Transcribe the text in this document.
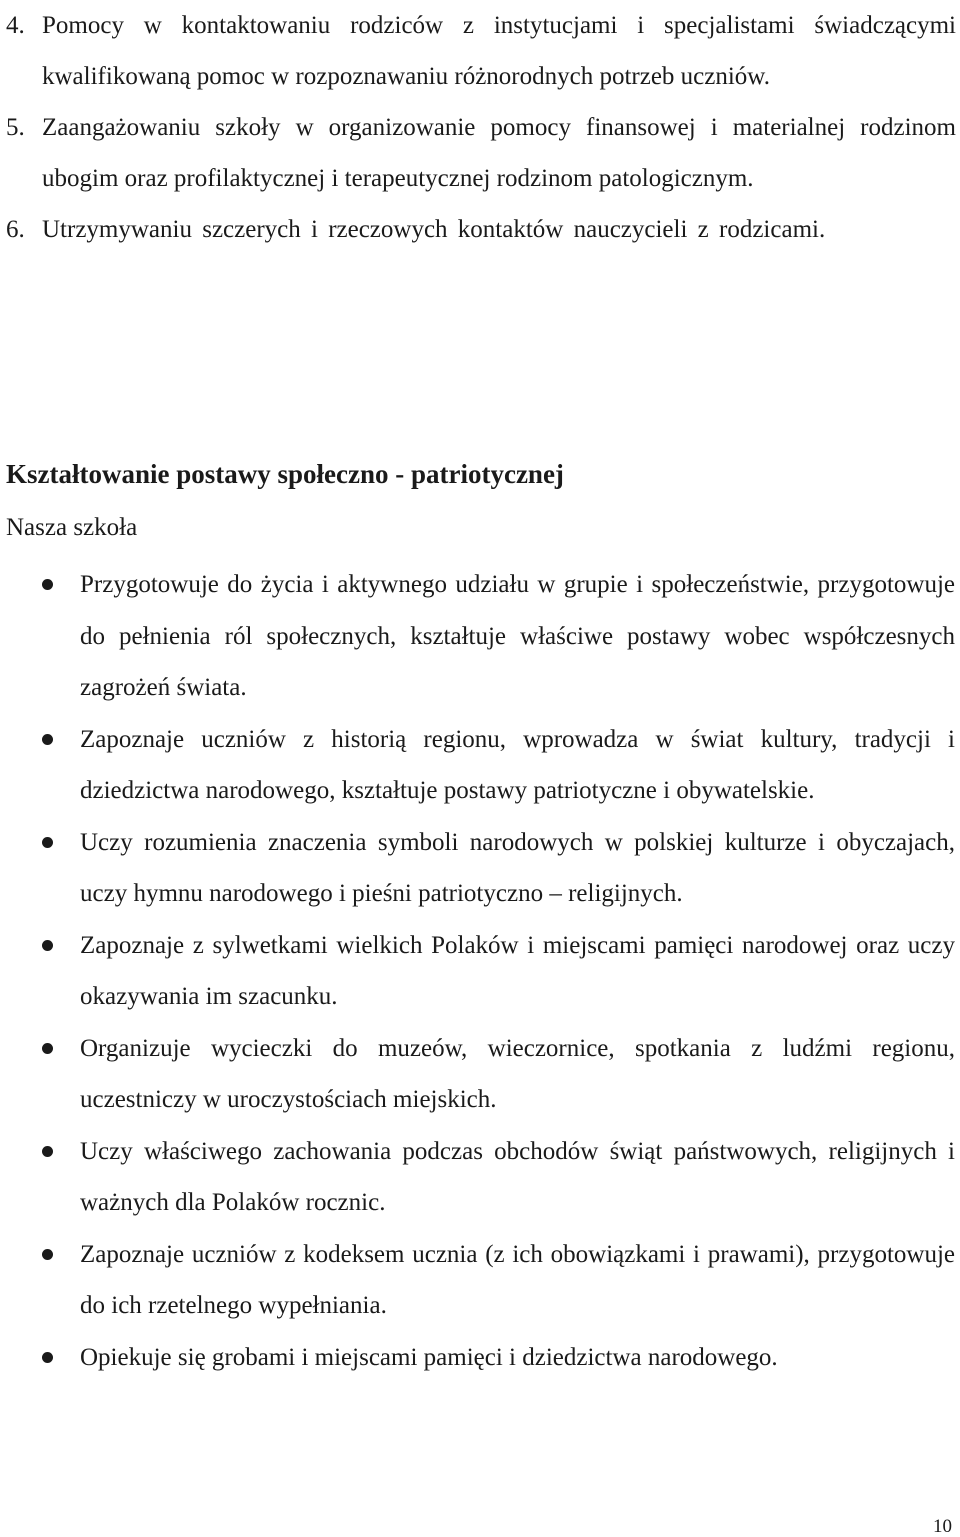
4. Pomocy w kontaktowaniu rodziców z instytucjami i specjalistami świadczącymi kwalifikowaną pomoc w rozpoznawaniu różnorodnych potrzeb uczniów.
5. Zaangażowaniu szkoły w organizowanie pomocy finansowej i materialnej rodzinom ubogim oraz profilaktycznej i terapeutycznej rodzinom patologicznym.
6. Utrzymywaniu szczerych i rzeczowych kontaktów nauczycieli z rodzicami.
Kształtowanie postawy społeczno - patriotycznej
Nasza szkoła
Przygotowuje do życia i aktywnego udziału w grupie i społeczeństwie, przygotowuje do pełnienia ról społecznych, kształtuje właściwe postawy wobec współczesnych zagrożeń świata.
Zapoznaje uczniów z historią regionu, wprowadza w świat kultury, tradycji i dziedzictwa narodowego, kształtuje postawy patriotyczne i obywatelskie.
Uczy rozumienia znaczenia symboli narodowych w polskiej kulturze i obyczajach, uczy hymnu narodowego i pieśni patriotyczno – religijnych.
Zapoznaje z sylwetkami wielkich Polaków i miejscami pamięci narodowej oraz uczy okazywania im szacunku.
Organizuje wycieczki do muzeów, wieczornice, spotkania z ludźmi regionu, uczestniczy w uroczystościach miejskich.
Uczy właściwego zachowania podczas obchodów świąt państwowych, religijnych i ważnych dla Polaków rocznic.
Zapoznaje uczniów z kodeksem ucznia (z ich obowiązkami i prawami), przygotowuje do ich rzetelnego wypełniania.
Opiekuje się grobami i miejscami pamięci i dziedzictwa narodowego.
10
